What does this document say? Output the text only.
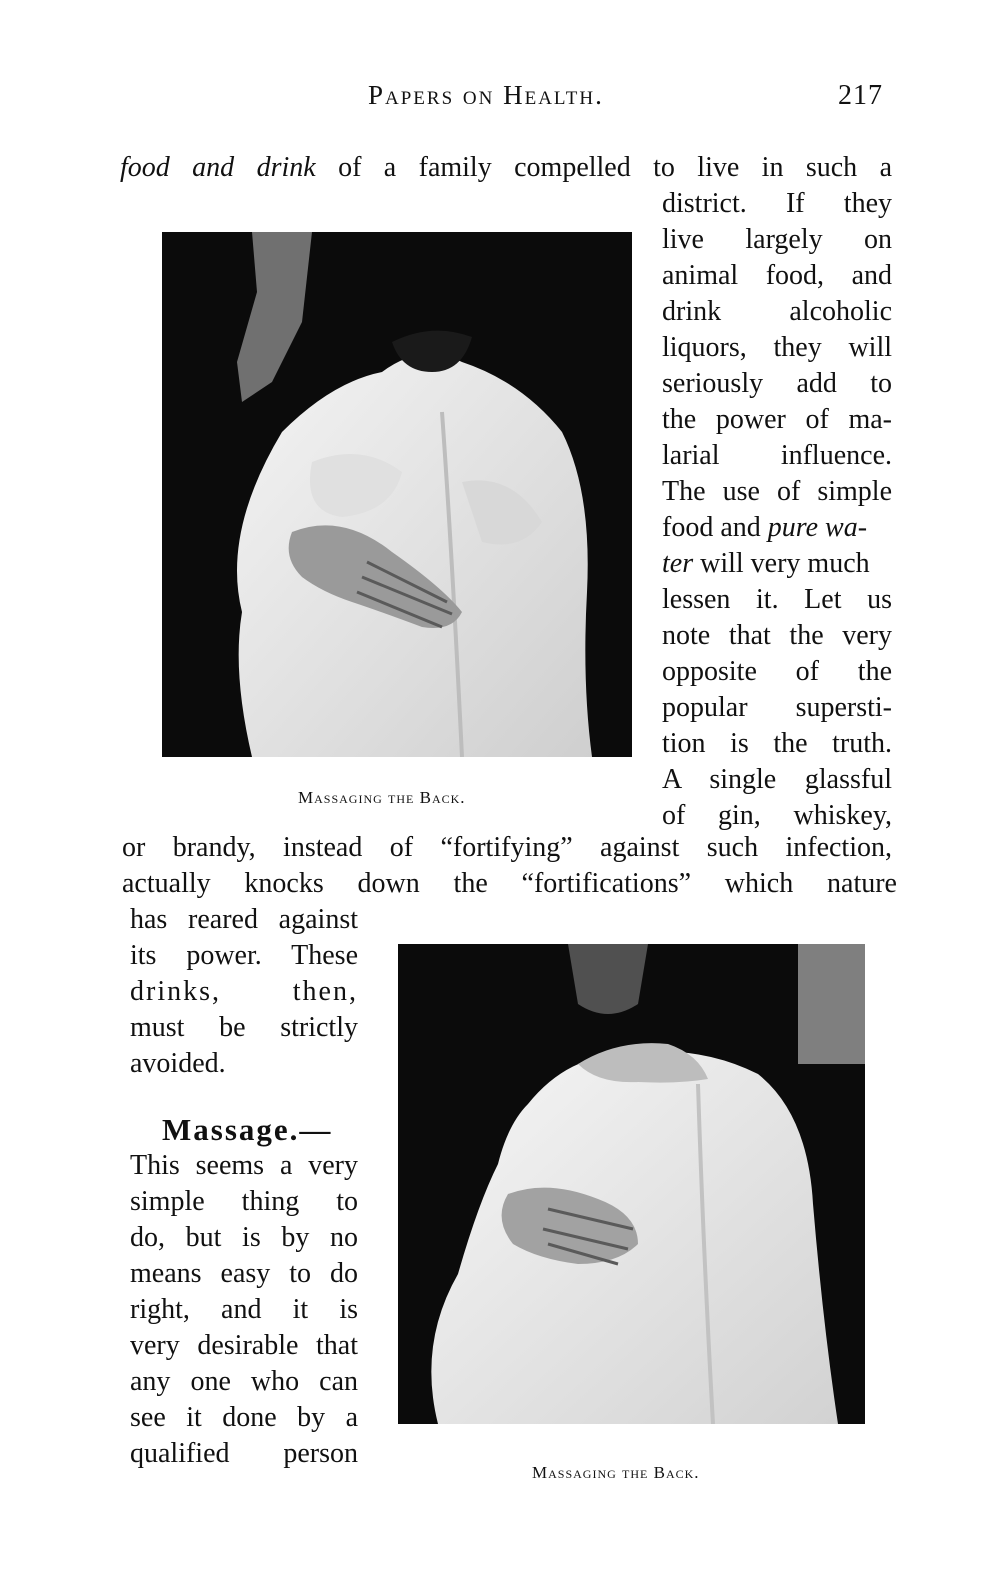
Papers on Health.	217
food and drink of a family compelled to live in such a
district. If they
live largely on
animal food, and
drink alcoholic
liquors, they will
seriously add to
the power of ma-
larial influence.
The use of simple
food and pure wa-
ter will very much
lessen it. Let us
note that the very
opposite of the
popular supersti-
tion is the truth.
A single glassful
of gin, whiskey,
Massaging the Back.
or brandy, instead of “fortifying” against such infection,
actually knocks down the “fortifications” which nature
has reared against
its power. These
drinks, then,
must be strictly
avoided.
Massage.—
This seems a very
simple thing to
do, but is by no
means easy to do
right, and it is
very desirable that
any one who can
see it done by a
qualified person
Massaging the Back.
